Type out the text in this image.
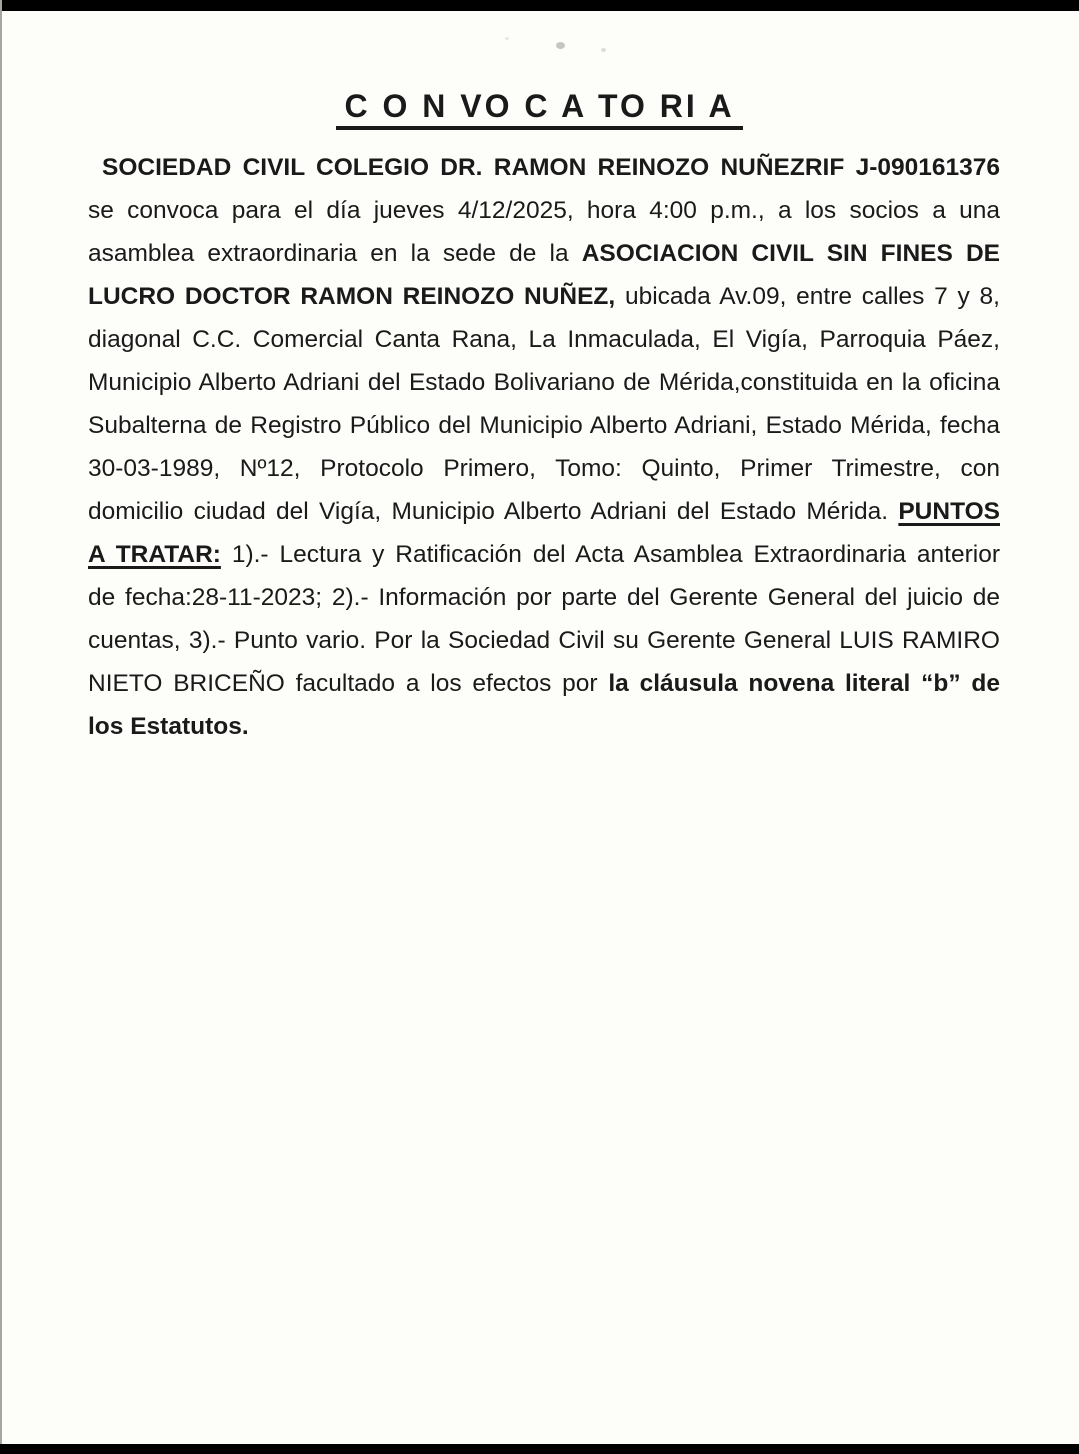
C O N VO C A TO RI A
SOCIEDAD CIVIL COLEGIO DR. RAMON REINOZO NUÑEZRIF J-090161376
se convoca para el día jueves 4/12/2025, hora 4:00 p.m., a los socios a una
asamblea extraordinaria en la sede de la ASOCIACION CIVIL SIN FINES DE
LUCRO DOCTOR RAMON REINOZO NUÑEZ, ubicada Av.09, entre calles 7 y 8,
diagonal C.C. Comercial Canta Rana, La Inmaculada, El Vigía, Parroquia Páez,
Municipio Alberto Adriani del Estado Bolivariano de Mérida,constituida en la oficina
Subalterna de Registro Público del Municipio Alberto Adriani, Estado Mérida, fecha
30-03-1989, Nº12, Protocolo Primero, Tomo: Quinto, Primer Trimestre, con
domicilio ciudad del Vigía, Municipio Alberto Adriani del Estado Mérida. PUNTOS
A TRATAR: 1).- Lectura y Ratificación del Acta Asamblea Extraordinaria anterior
de fecha:28-11-2023; 2).- Información por parte del Gerente General del juicio de
cuentas, 3).- Punto vario. Por la Sociedad Civil su Gerente General LUIS RAMIRO
NIETO BRICEÑO facultado a los efectos por la cláusula novena literal “b” de
los Estatutos.
